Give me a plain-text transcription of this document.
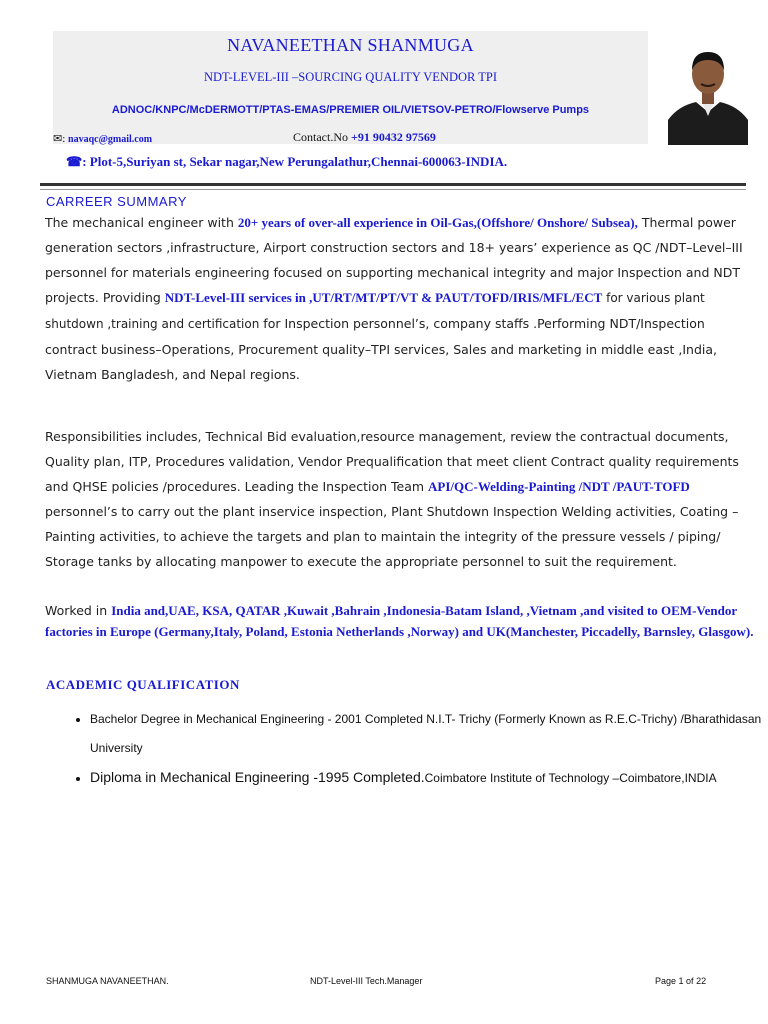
NAVANEETHAN SHANMUGA
NDT-LEVEL-III –SOURCING QUALITY VENDOR TPI
ADNOC/KNPC/McDERMOTT/PTAS-EMAS/PREMIER OIL/VIETSOV-PETRO/Flowserve Pumps
✉: navaqc@gmail.com	Contact.No +91 90432 97569
☎: Plot-5,Suriyan st, Sekar nagar,New Perungalathur,Chennai-600063-INDIA.
CARREER SUMMARY
The mechanical engineer with 20+ years of over-all experience in Oil-Gas,(Offshore/ Onshore/ Subsea), Thermal power generation sectors ,infrastructure, Airport construction sectors and 18+ years’ experience as QC /NDT–Level–III personnel for materials engineering focused on supporting mechanical integrity and major Inspection and NDT projects. Providing NDT-Level-III services in ,UT/RT/MT/PT/VT & PAUT/TOFD/IRIS/MFL/ECT for various plant shutdown ,training and certification for Inspection personnel’s, company staffs .Performing NDT/Inspection contract business–Operations, Procurement quality–TPI services, Sales and marketing in middle east ,India, Vietnam Bangladesh, and Nepal regions.
Responsibilities includes, Technical Bid evaluation,resource management, review the contractual documents, Quality plan, ITP, Procedures validation, Vendor Prequalification that meet client Contract quality requirements and QHSE policies /procedures. Leading the Inspection Team API/QC-Welding-Painting /NDT /PAUT-TOFD personnel’s to carry out the plant inservice inspection, Plant Shutdown Inspection Welding activities, Coating –Painting activities, to achieve the targets and plan to maintain the integrity of the pressure vessels / piping/ Storage tanks by allocating manpower to execute the appropriate personnel to suit the requirement.
Worked in India and,UAE, KSA, QATAR ,Kuwait ,Bahrain ,Indonesia-Batam Island, ,Vietnam ,and visited to OEM-Vendor factories in Europe (Germany,Italy, Poland, Estonia Netherlands ,Norway) and UK(Manchester, Piccadelly, Barnsley, Glasgow).
ACADEMIC QUALIFICATION
• Bachelor Degree in Mechanical Engineering - 2001 Completed N.I.T- Trichy (Formerly Known as R.E.C-Trichy) /Bharathidasan University
• Diploma in Mechanical Engineering -1995 Completed.Coimbatore Institute of Technology –Coimbatore,INDIA
SHANMUGA NAVANEETHAN.	NDT-Level-III Tech.Manager	Page 1 of 22
